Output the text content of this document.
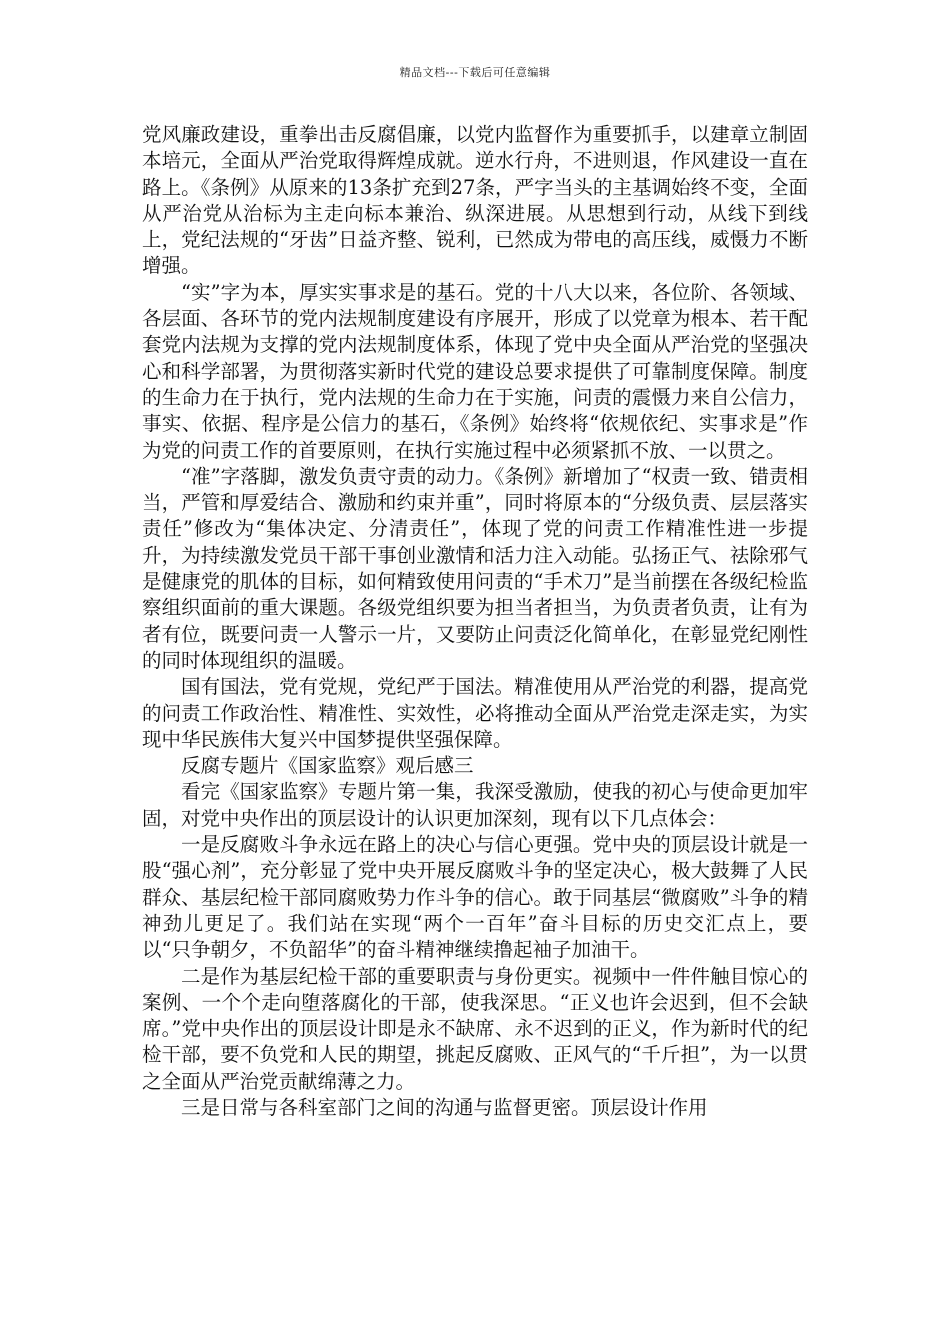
精品文档---下载后可任意编辑

党风廉政建设，重拳出击反腐倡廉，以党内监督作为重要抓手，以建章立制固本培元，全面从严治党取得辉煌成就。逆水行舟，不进则退，作风建设一直在路上。《条例》从原来的13条扩充到27条，严字当头的主基调始终不变，全面从严治党从治标为主走向标本兼治、纵深进展。从思想到行动，从线下到线上，党纪法规的“牙齿”日益齐整、锐利，已然成为带电的高压线，威慑力不断增强。

“实”字为本，厚实实事求是的基石。党的十八大以来，各位阶、各领域、各层面、各环节的党内法规制度建设有序展开，形成了以党章为根本、若干配套党内法规为支撑的党内法规制度体系，体现了党中央全面从严治党的坚强决心和科学部署，为贯彻落实新时代党的建设总要求提供了可靠制度保障。制度的生命力在于执行，党内法规的生命力在于实施，问责的震慑力来自公信力，事实、依据、程序是公信力的基石，《条例》始终将“依规依纪、实事求是”作为党的问责工作的首要原则，在执行实施过程中必须紧抓不放、一以贯之。

“准”字落脚，激发负责守责的动力。《条例》新增加了“权责一致、错责相当，严管和厚爱结合、激励和约束并重”，同时将原本的“分级负责、层层落实责任”修改为“集体决定、分清责任”，体现了党的问责工作精准性进一步提升，为持续激发党员干部干事创业激情和活力注入动能。弘扬正气、祛除邪气是健康党的肌体的目标，如何精致使用问责的“手术刀”是当前摆在各级纪检监察组织面前的重大课题。各级党组织要为担当者担当，为负责者负责，让有为者有位，既要问责一人警示一片，又要防止问责泛化简单化，在彰显党纪刚性的同时体现组织的温暖。

国有国法，党有党规，党纪严于国法。精准使用从严治党的利器，提高党的问责工作政治性、精准性、实效性，必将推动全面从严治党走深走实，为实现中华民族伟大复兴中国梦提供坚强保障。

反腐专题片《国家监察》观后感三

看完《国家监察》专题片第一集，我深受激励，使我的初心与使命更加牢固，对党中央作出的顶层设计的认识更加深刻，现有以下几点体会：

一是反腐败斗争永远在路上的决心与信心更强。党中央的顶层设计就是一股“强心剂”，充分彰显了党中央开展反腐败斗争的坚定决心，极大鼓舞了人民群众、基层纪检干部同腐败势力作斗争的信心。敢于同基层“微腐败”斗争的精神劲儿更足了。我们站在实现“两个一百年”奋斗目标的历史交汇点上，要以“只争朝夕，不负韶华”的奋斗精神继续撸起袖子加油干。

二是作为基层纪检干部的重要职责与身份更实。视频中一件件触目惊心的案例、一个个走向堕落腐化的干部，使我深思。“正义也许会迟到，但不会缺席。”党中央作出的顶层设计即是永不缺席、永不迟到的正义，作为新时代的纪检干部，要不负党和人民的期望，挑起反腐败、正风气的“千斤担”，为一以贯之全面从严治党贡献绵薄之力。

三是日常与各科室部门之间的沟通与监督更密。顶层设计作用
